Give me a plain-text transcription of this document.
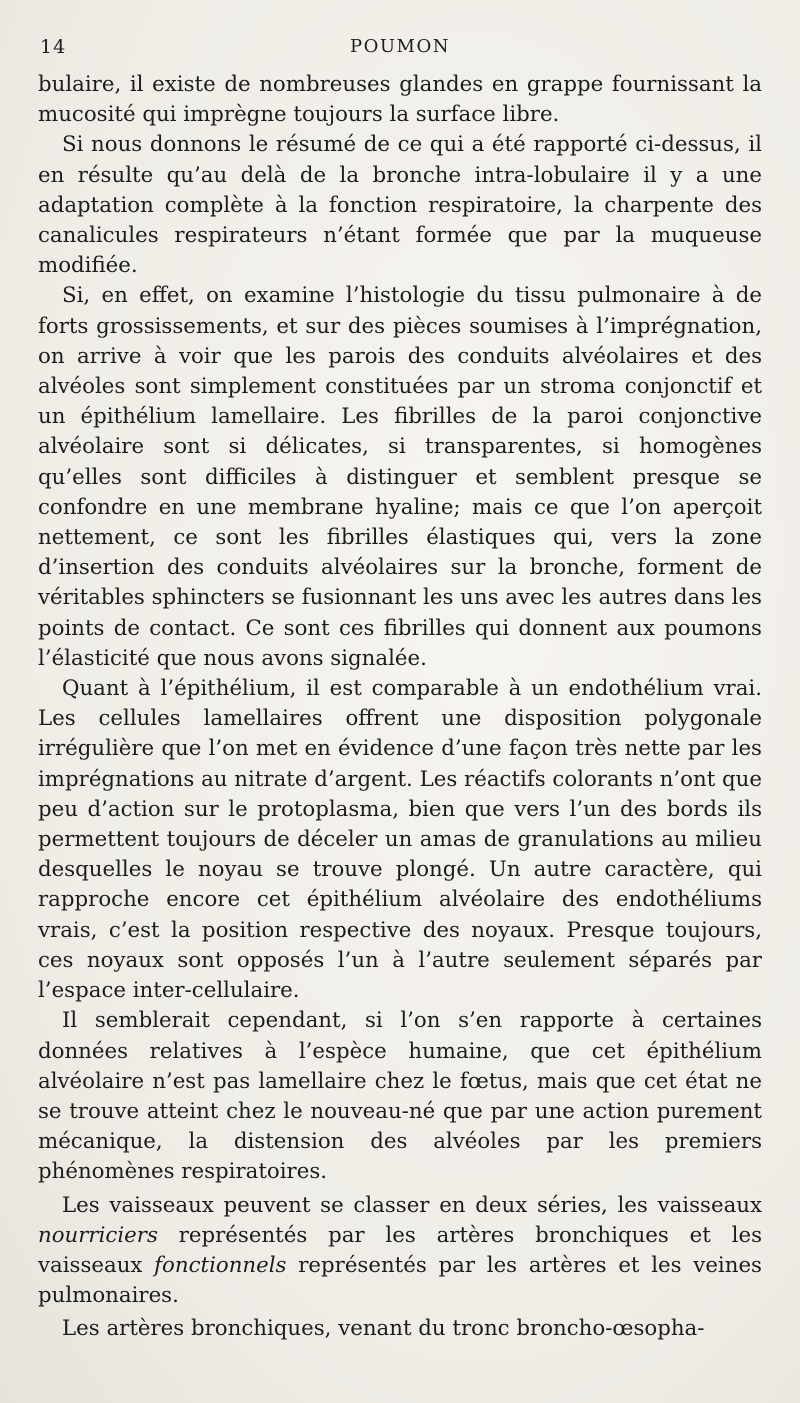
14	POUMON

bulaire, il existe de nombreuses glandes en grappe fournissant la mucosité qui imprègne toujours la surface libre.

Si nous donnons le résumé de ce qui a été rapporté ci-dessus, il en résulte qu’au delà de la bronche intra-lobulaire il y a une adaptation complète à la fonction respiratoire, la charpente des canalicules respirateurs n’étant formée que par la muqueuse modifiée.

Si, en effet, on examine l’histologie du tissu pulmonaire à de forts grossissements, et sur des pièces soumises à l’imprégnation, on arrive à voir que les parois des conduits alvéolaires et des alvéoles sont simplement constituées par un stroma conjonctif et un épithélium lamellaire. Les fibrilles de la paroi conjonctive alvéolaire sont si délicates, si transparentes, si homogènes qu’elles sont difficiles à distinguer et semblent presque se confondre en une membrane hyaline; mais ce que l’on aperçoit nettement, ce sont les fibrilles élastiques qui, vers la zone d’insertion des conduits alvéolaires sur la bronche, forment de véritables sphincters se fusionnant les uns avec les autres dans les points de contact. Ce sont ces fibrilles qui donnent aux poumons l’élasticité que nous avons signalée.

Quant à l’épithélium, il est comparable à un endothélium vrai. Les cellules lamellaires offrent une disposition polygonale irrégulière que l’on met en évidence d’une façon très nette par les imprégnations au nitrate d’argent. Les réactifs colorants n’ont que peu d’action sur le protoplasma, bien que vers l’un des bords ils permettent toujours de déceler un amas de granulations au milieu desquelles le noyau se trouve plongé. Un autre caractère, qui rapproche encore cet épithélium alvéolaire des endothéliums vrais, c’est la position respective des noyaux. Presque toujours, ces noyaux sont opposés l’un à l’autre seulement séparés par l’espace inter-cellulaire.

Il semblerait cependant, si l’on s’en rapporte à certaines données relatives à l’espèce humaine, que cet épithélium alvéolaire n’est pas lamellaire chez le fœtus, mais que cet état ne se trouve atteint chez le nouveau-né que par une action purement mécanique, la distension des alvéoles par les premiers phénomènes respiratoires.

Les vaisseaux peuvent se classer en deux séries, les vaisseaux nourriciers représentés par les artères bronchiques et les vaisseaux fonctionnels représentés par les artères et les veines pulmonaires.

Les artères bronchiques, venant du tronc broncho-œsopha-
